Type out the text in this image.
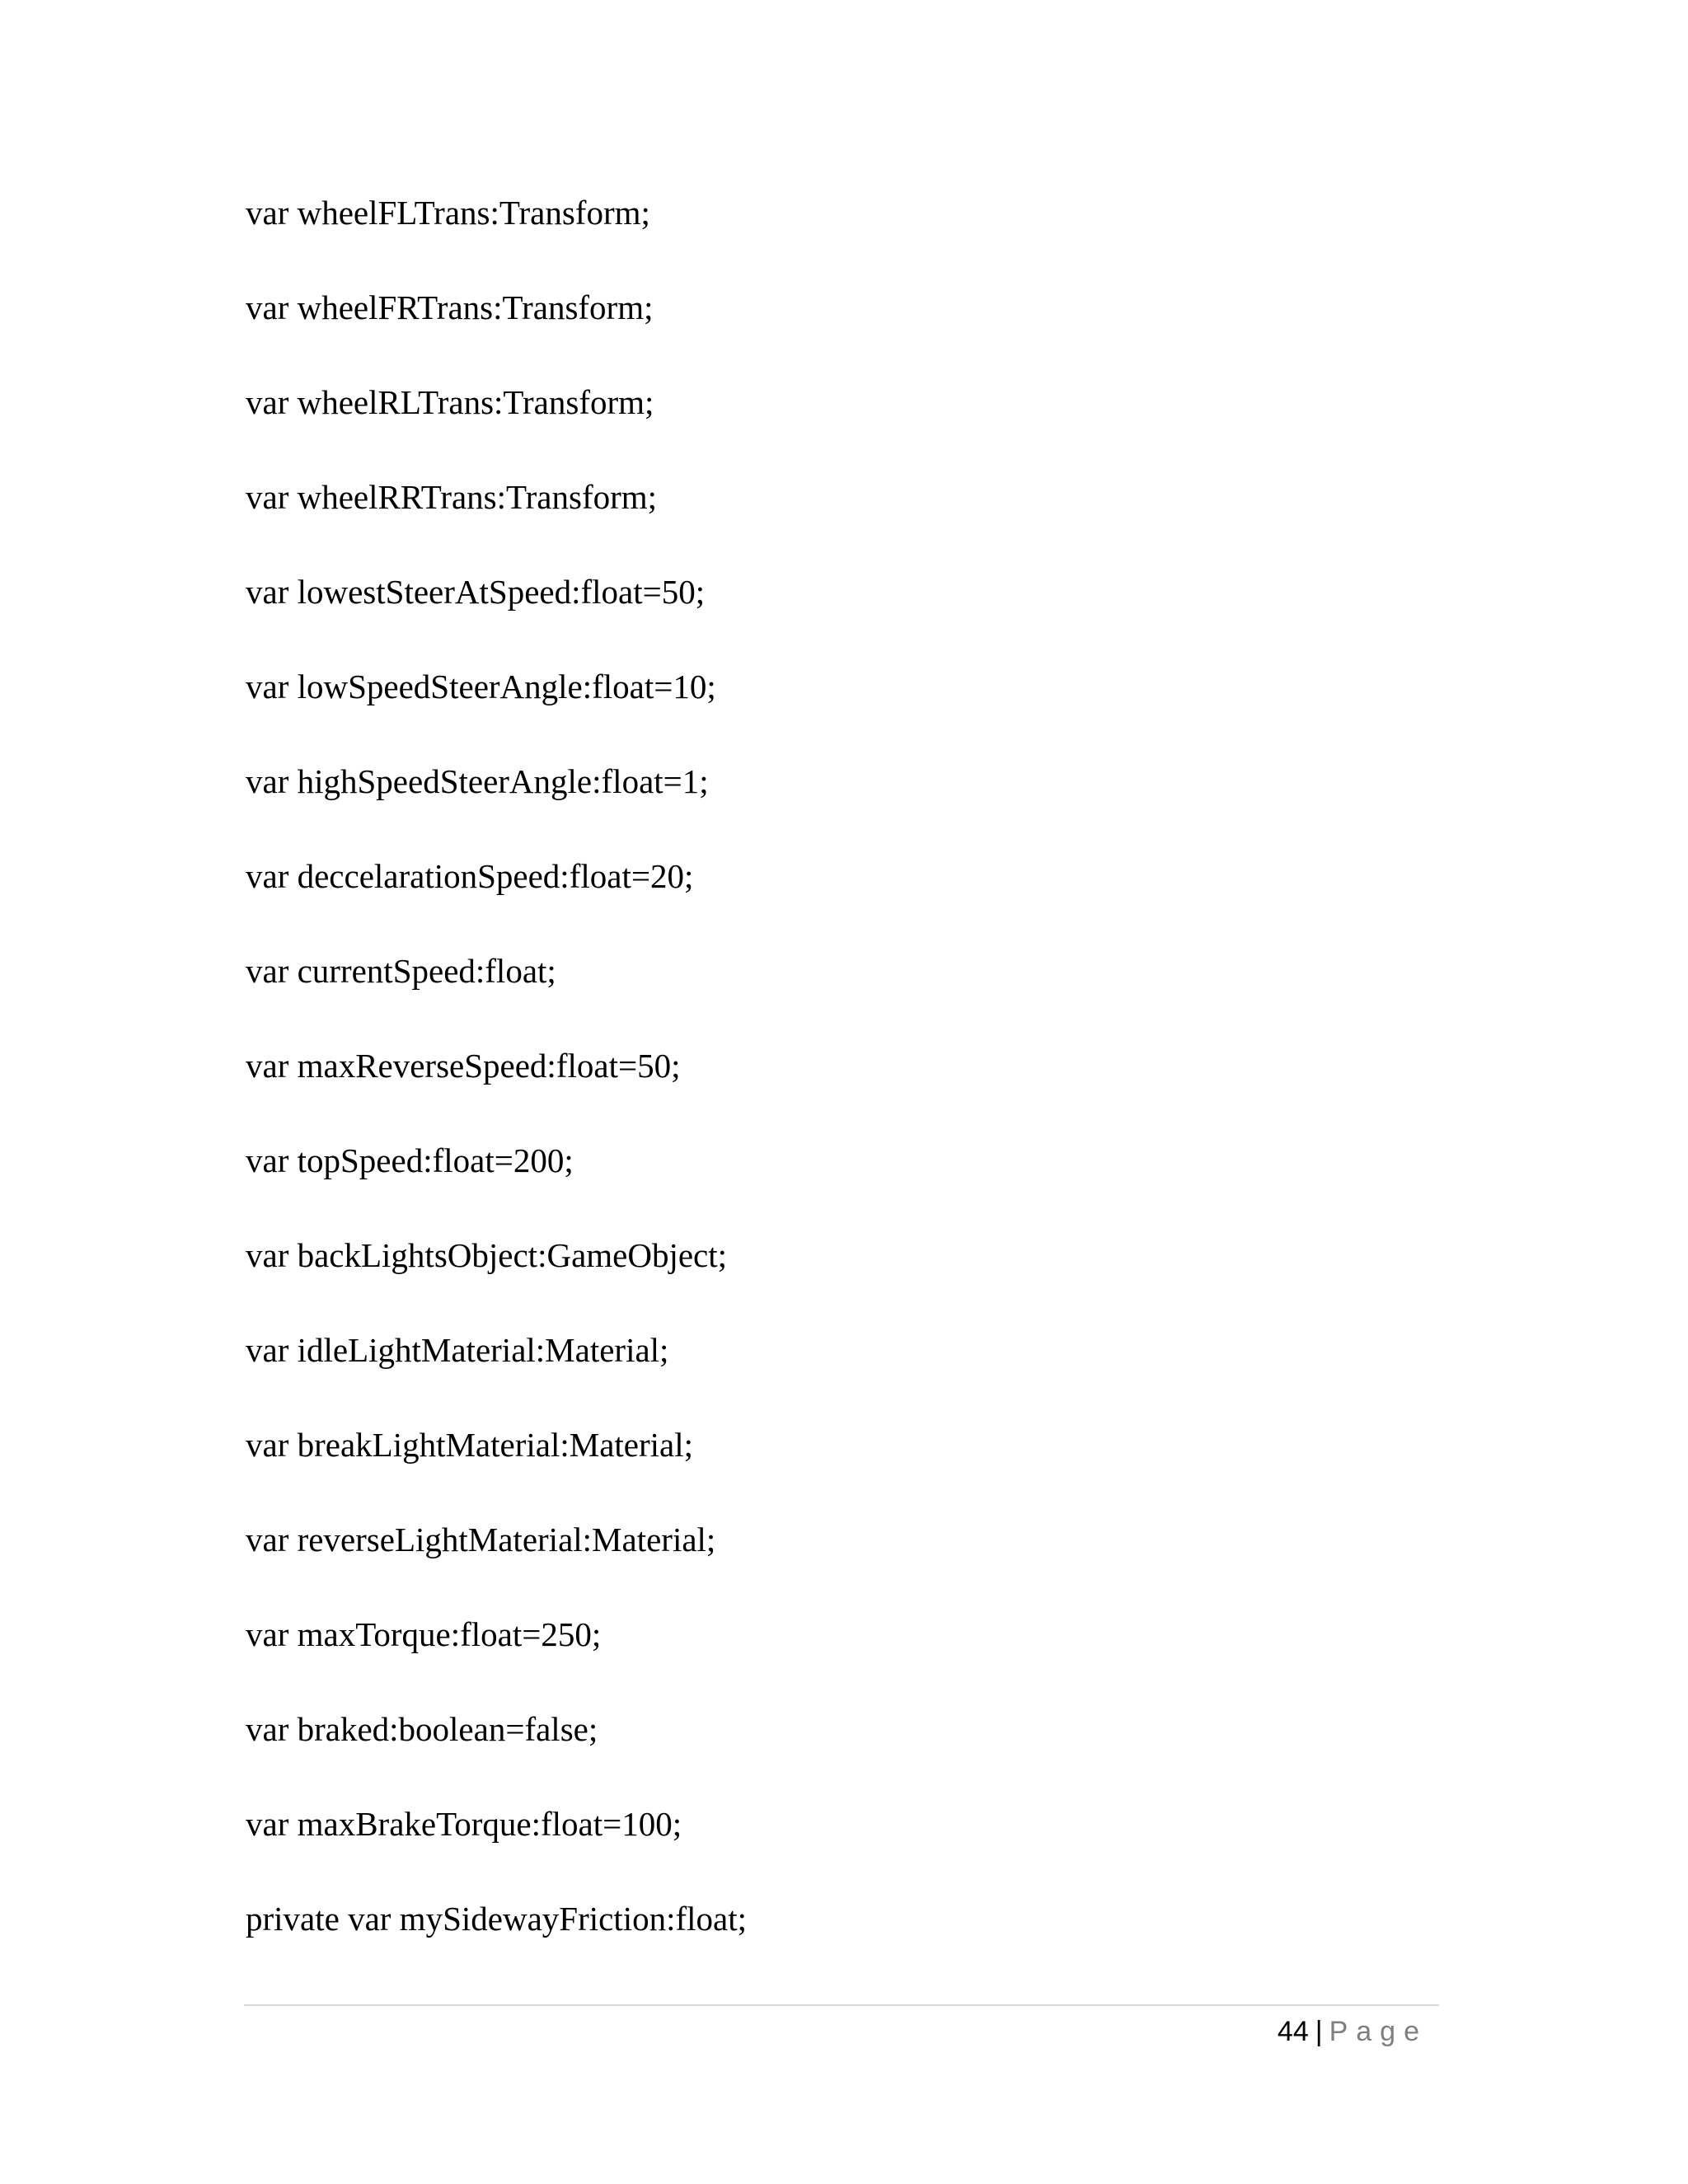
var wheelFLTrans:Transform;
var wheelFRTrans:Transform;
var wheelRLTrans:Transform;
var wheelRRTrans:Transform;
var lowestSteerAtSpeed:float=50;
var lowSpeedSteerAngle:float=10;
var highSpeedSteerAngle:float=1;
var deccelarationSpeed:float=20;
var currentSpeed:float;
var maxReverseSpeed:float=50;
var topSpeed:float=200;
var backLightsObject:GameObject;
var idleLightMaterial:Material;
var breakLightMaterial:Material;
var reverseLightMaterial:Material;
var maxTorque:float=250;
var braked:boolean=false;
var maxBrakeTorque:float=100;
private var mySidewayFriction:float;
44 | Page
